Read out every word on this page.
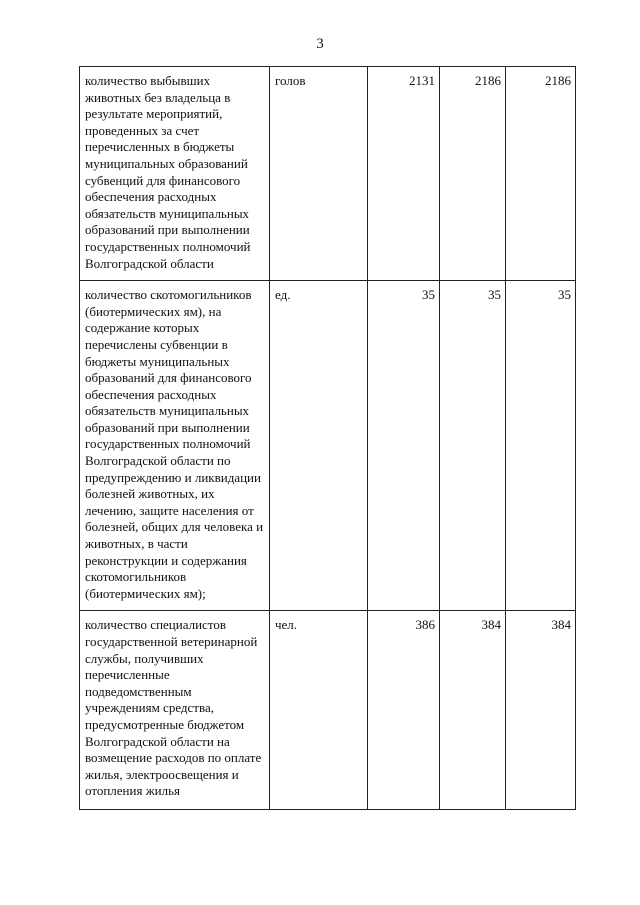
3
количество выбывших животных без владельца в результате мероприятий, проведенных за счет перечисленных в бюджеты муниципальных образований субвенций для финансового обеспечения расходных обязательств муниципальных образований при выполнении государственных полномочий Волгоградской области	голов	2131	2186	2186
количество скотомогильников (биотермических ям), на содержание которых перечислены субвенции в бюджеты муниципальных образований для финансового обеспечения расходных обязательств муниципальных образований при выполнении государственных полномочий Волгоградской области по предупреждению и ликвидации болезней животных, их лечению, защите населения от болезней, общих для человека и животных, в части реконструкции и содержания скотомогильников (биотермических ям);	ед.	35	35	35
количество специалистов государственной ветеринарной службы, получивших перечисленные подведомственным учреждениям средства, предусмотренные бюджетом Волгоградской области на возмещение расходов по оплате жилья, электроосвещения и отопления жилья	чел.	386	384	384
